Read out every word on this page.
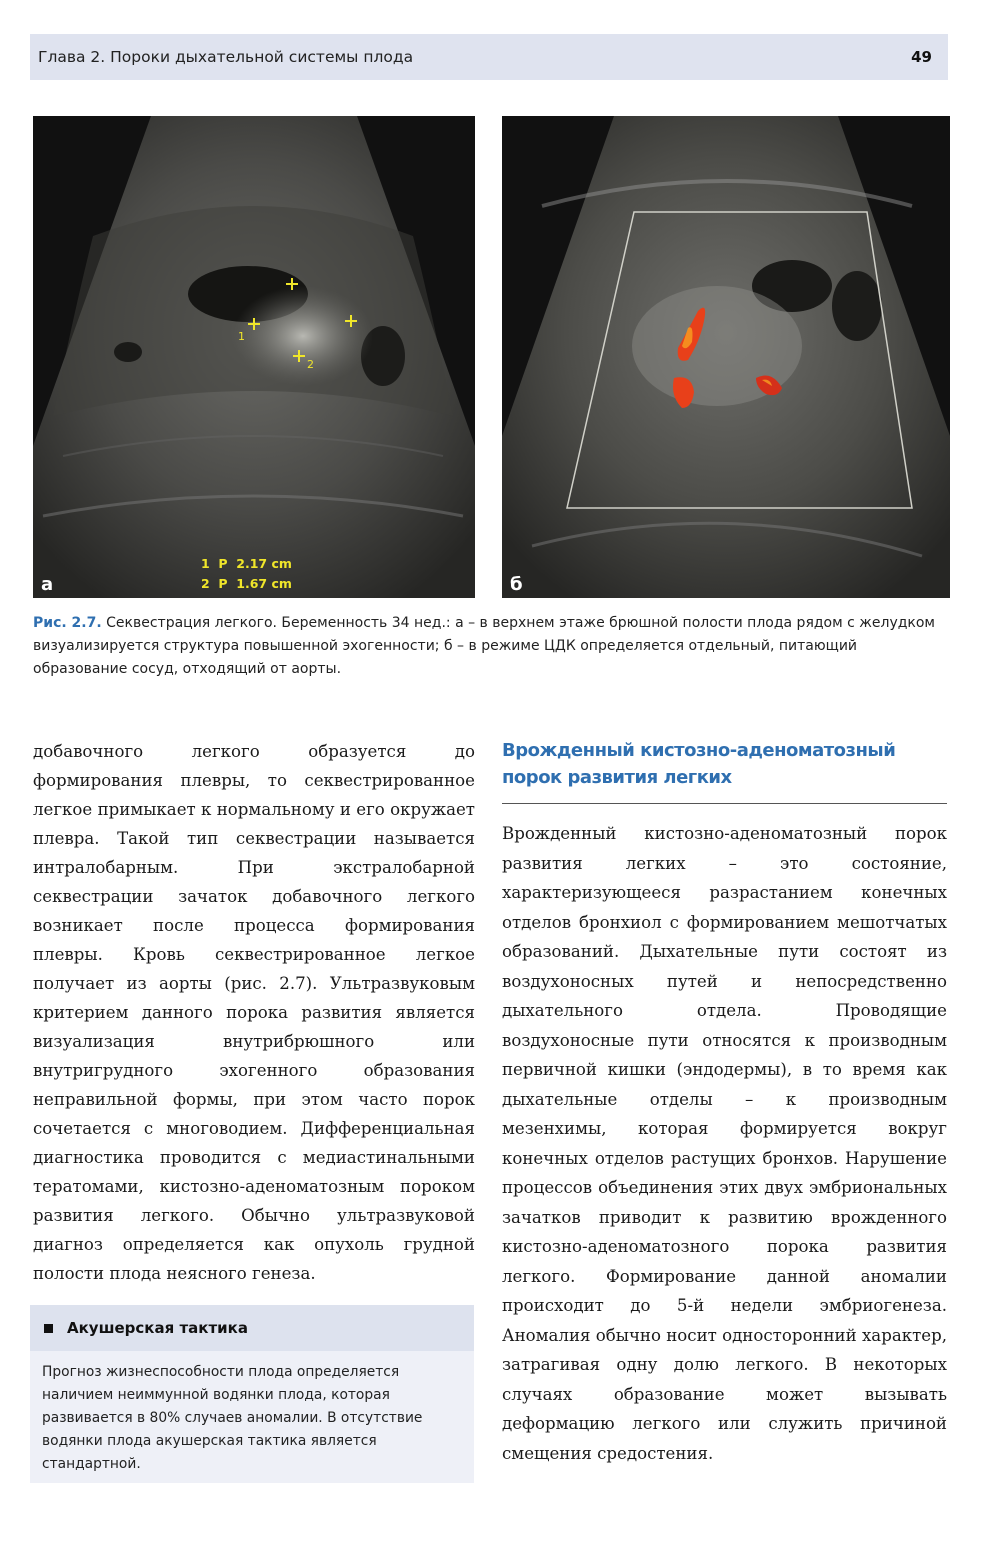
Глава 2. Пороки дыхательной системы плода	49
1
2
1  P  2.17 cm
2  P  1.67 cm
а	б
Рис. 2.7. Секвестрация легкого. Беременность 34 нед.: а – в верхнем этаже брюшной полости плода рядом с желудком визуализируется структура повышенной эхогенности; б – в режиме ЦДК определяется отдельный, питающий образование сосуд, отходящий от аорты.
добавочного легкого образуется до формирования плевры, то секвестрированное легкое примыкает к нормальному и его окружает плевра. Такой тип секвестрации называется интралобарным. При экстралобарной секвестрации зачаток добавочного легкого возникает после процесса формирования плевры. Кровь секвестрированное легкое получает из аорты (рис. 2.7). Ультразвуковым критерием данного порока развития является визуализация внутрибрюшного или внутригрудного эхогенного образования неправильной формы, при этом часто порок сочетается с многоводием. Дифференциальная диагностика проводится с медиастинальными тератомами, кистозно-аденоматозным пороком развития легкого. Обычно ультразвуковой диагноз определяется как опухоль грудной полости плода неясного генеза.
Акушерская тактика
Прогноз жизнеспособности плода определяется наличием неиммунной водянки плода, которая развивается в 80% случаев аномалии. В отсутствие водянки плода акушерская тактика является стандартной.
Врожденный кистозно-аденоматозный порок развития легких
Врожденный кистозно-аденоматозный порок развития легких – это состояние, характеризующееся разрастанием конечных отделов бронхиол с формированием мешотчатых образований. Дыхательные пути состоят из воздухоносных путей и непосредственно дыхательного отдела. Проводящие воздухоносные пути относятся к производным первичной кишки (эндодермы), в то время как дыхательные отделы – к производным мезенхимы, которая формируется вокруг конечных отделов растущих бронхов. Нарушение процессов объединения этих двух эмбриональных зачатков приводит к развитию врожденного кистозно-аденоматозного порока развития легкого. Формирование данной аномалии происходит до 5-й недели эмбриогенеза. Аномалия обычно носит односторонний характер, затрагивая одну долю легкого. В некоторых случаях образование может вызывать деформацию легкого или служить причиной смещения средостения.
